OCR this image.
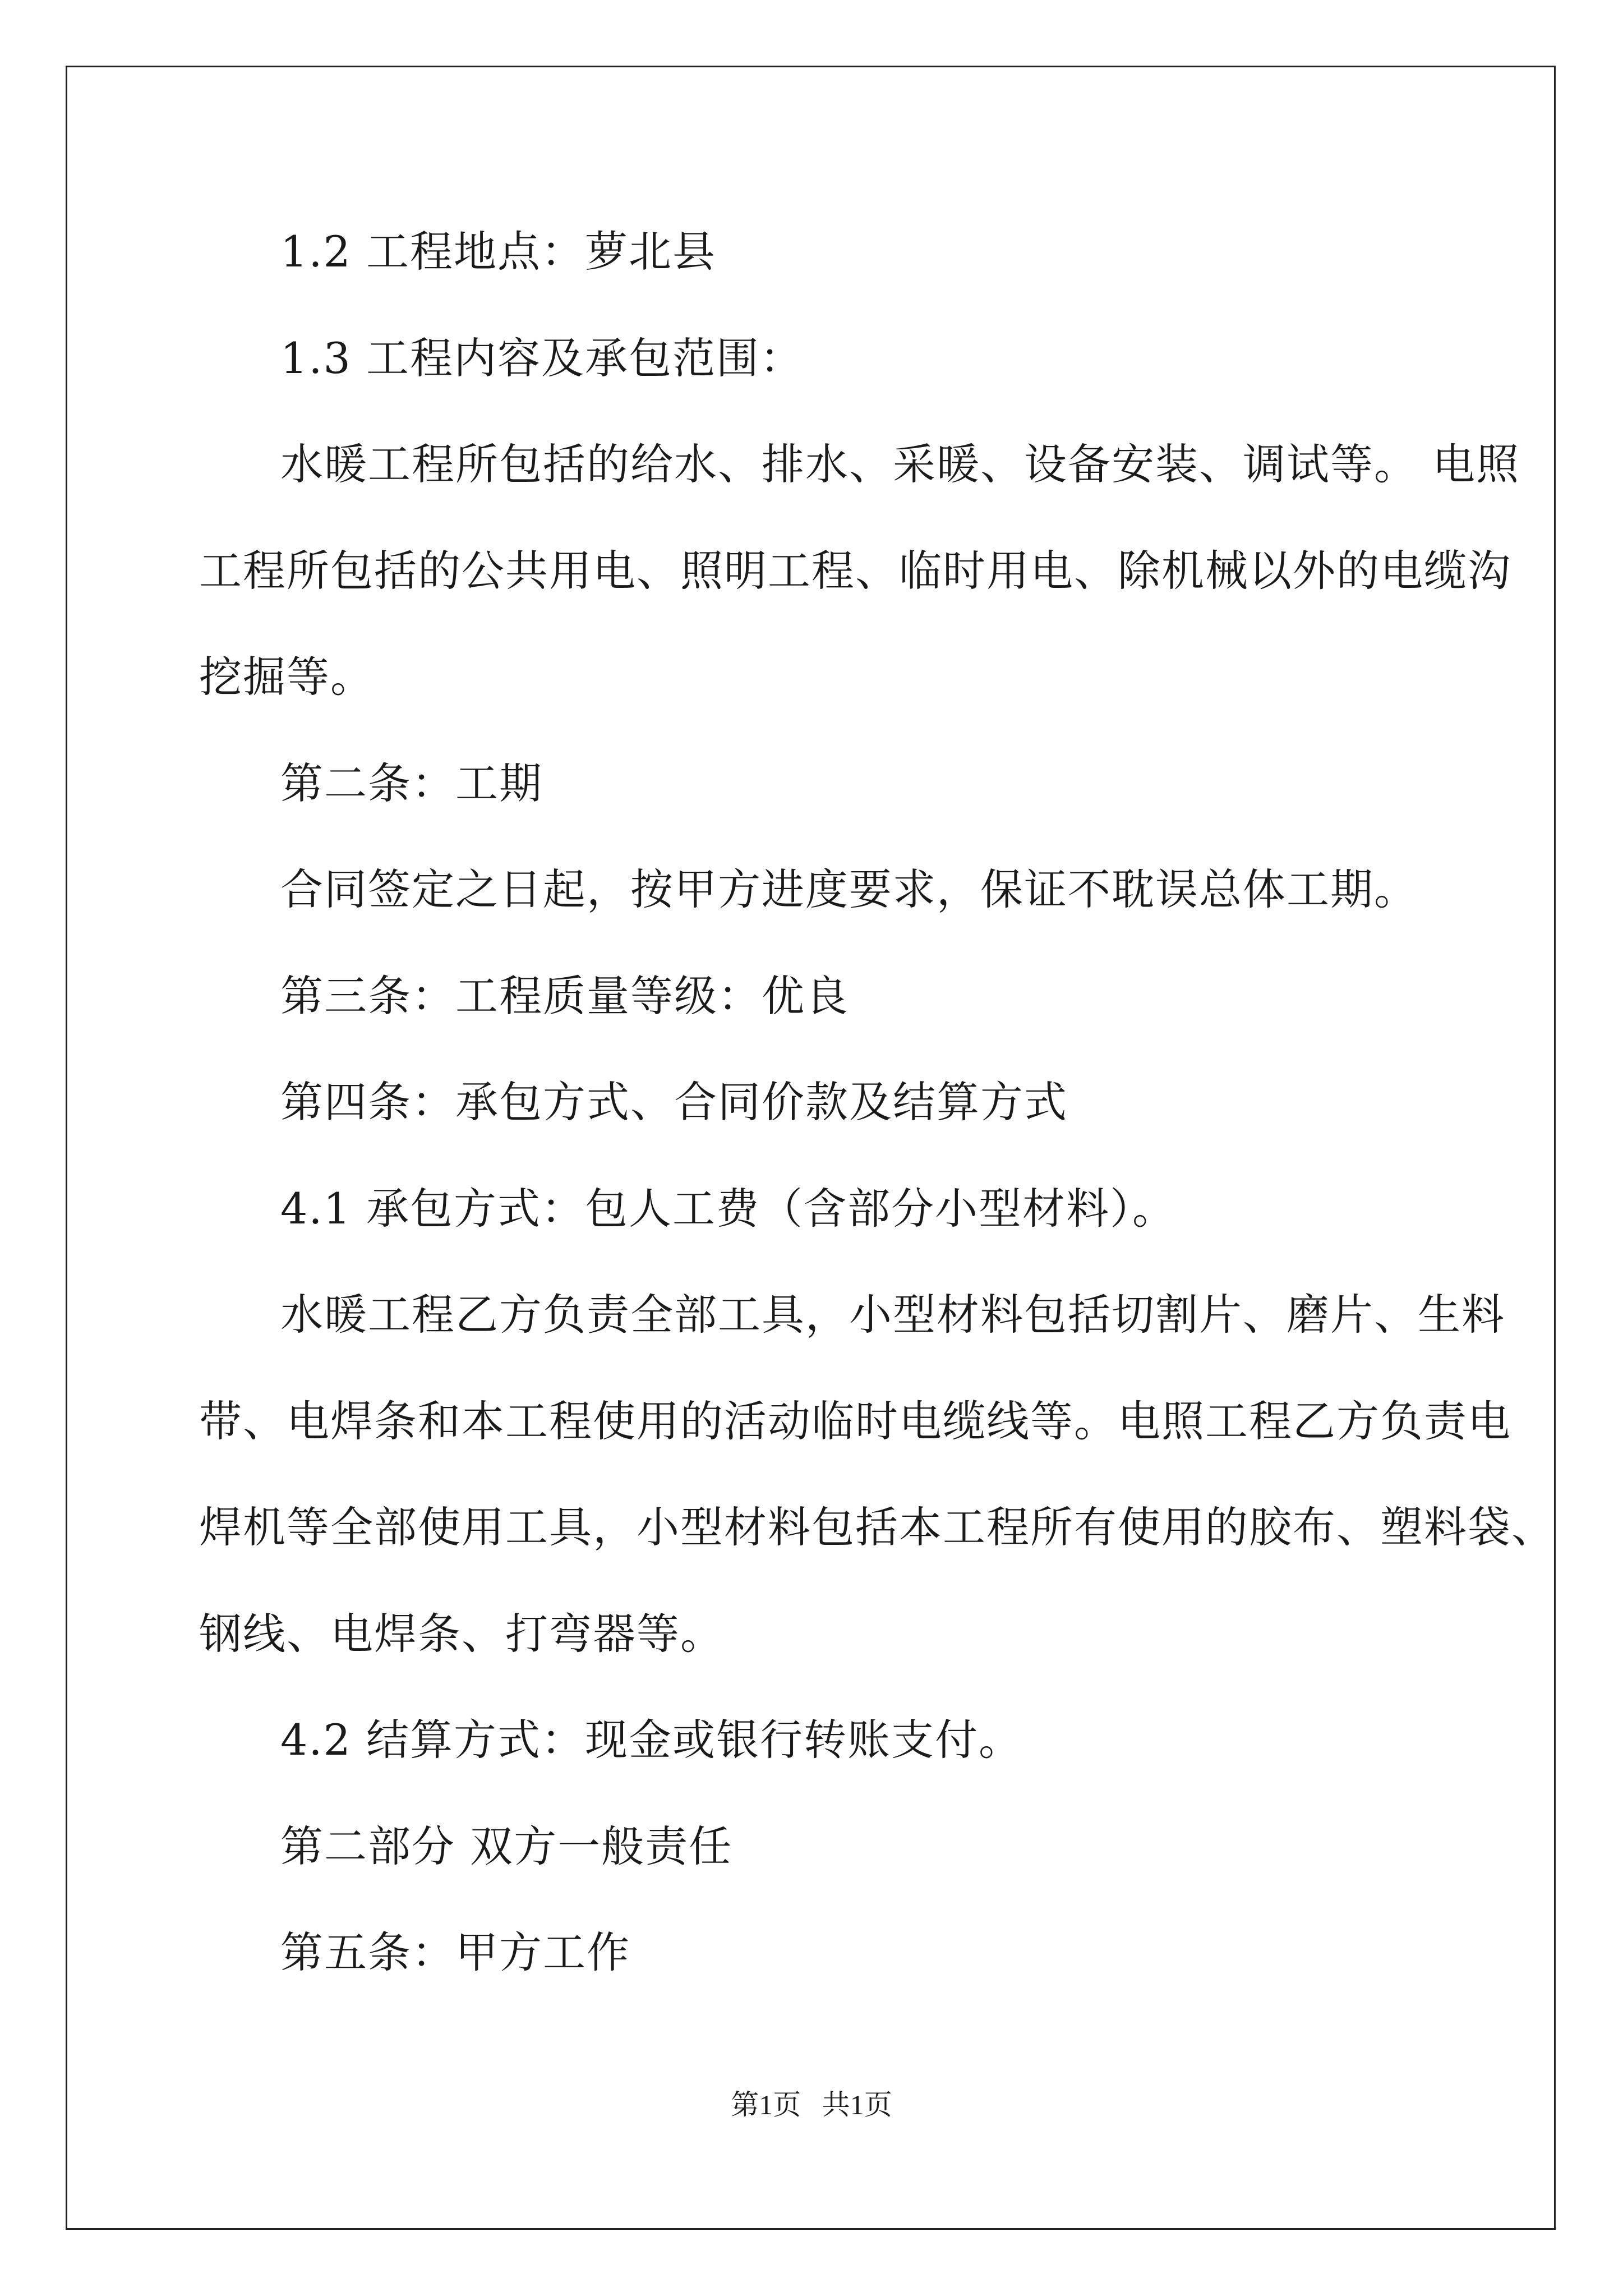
1.2 工程地点：萝北县
1.3 工程内容及承包范围：
水暖工程所包括的给水、排水、采暖、设备安装、调试等。 电照
工程所包括的公共用电、照明工程、临时用电、除机械以外的电缆沟
挖掘等。
第二条：工期
合同签定之日起，按甲方进度要求，保证不耽误总体工期。
第三条：工程质量等级：优良
第四条：承包方式、合同价款及结算方式
4.1 承包方式：包人工费（含部分小型材料）。
水暖工程乙方负责全部工具，小型材料包括切割片、磨片、生料
带、电焊条和本工程使用的活动临时电缆线等。电照工程乙方负责电
焊机等全部使用工具，小型材料包括本工程所有使用的胶布、塑料袋、
钢线、电焊条、打弯器等。
4.2 结算方式：现金或银行转账支付。
第二部分 双方一般责任
第五条：甲方工作
第1页 共1页
